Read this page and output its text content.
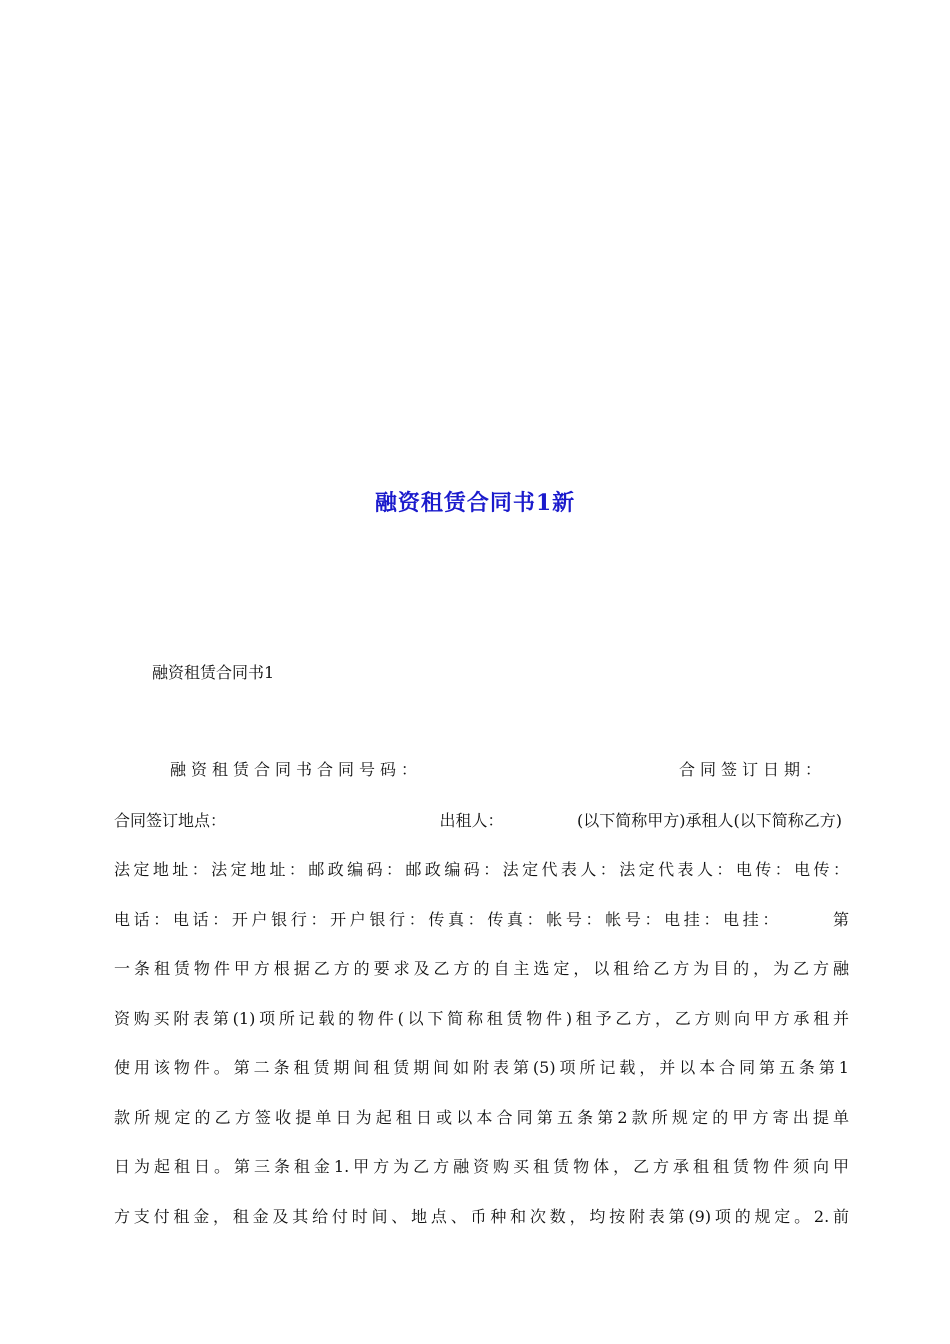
融资租赁合同书1新
融资租赁合同书1
融资租赁合同书合同号码：	合同签订日期：
合同签订地点：	出租人：	(以下简称甲方)承租人(以下简称乙方)
法定地址：法定地址：邮政编码：邮政编码：法定代表人：法定代表人：电传：电传：
电话：电话：开户银行：开户银行：传真：传真：帐号：帐号：电挂：电挂：　　　第
一条租赁物件甲方根据乙方的要求及乙方的自主选定，以租给乙方为目的，为乙方融
资购买附表第(1)项所记载的物件(以下简称租赁物件)租予乙方，乙方则向甲方承租并
使用该物件。第二条租赁期间租赁期间如附表第(5)项所记载，并以本合同第五条第1
款所规定的乙方签收提单日为起租日或以本合同第五条第2款所规定的甲方寄出提单
日为起租日。第三条租金1.甲方为乙方融资购买租赁物体，乙方承租租赁物件须向甲
方支付租金，租金及其给付时间、地点、币种和次数，均按附表第(9)项的规定。2.前
